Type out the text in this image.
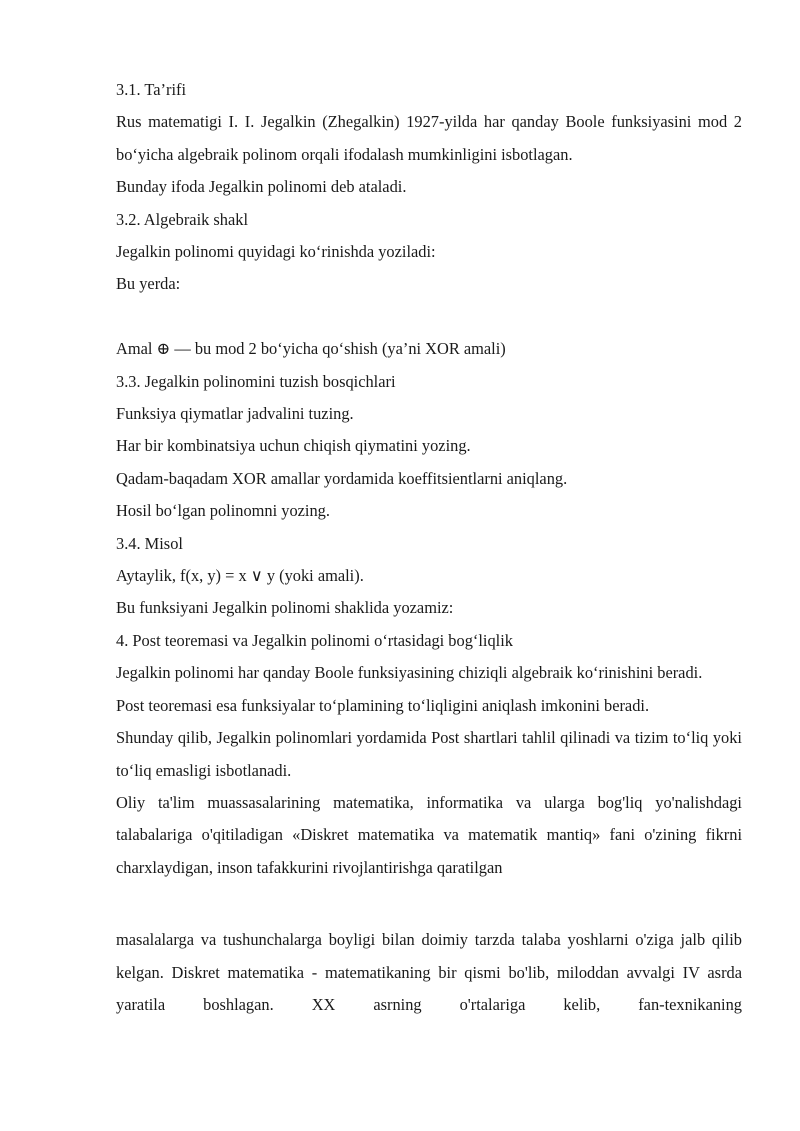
3.1. Ta’rifi

Rus matematigi I. I. Jegalkin (Zhegalkin) 1927-yilda har qanday Boole funksiyasini mod 2 bo‘yicha algebraik polinom orqali ifodalash mumkinligini isbotlagan.

Bunday ifoda Jegalkin polinomi deb ataladi.

3.2. Algebraik shakl

Jegalkin polinomi quyidagi ko‘rinishda yoziladi:

Bu yerda:

Amal ⊕ — bu mod 2 bo‘yicha qo‘shish (ya’ni XOR amali)

3.3. Jegalkin polinomini tuzish bosqichlari

Funksiya qiymatlar jadvalini tuzing.

Har bir kombinatsiya uchun chiqish qiymatini yozing.

Qadam-baqadam XOR amallar yordamida koeffitsientlarni aniqlang.

Hosil bo‘lgan polinomni yozing.

3.4. Misol

Aytaylik, f(x, y) = x ∨ y (yoki amali).

Bu funksiyani Jegalkin polinomi shaklida yozamiz:

4. Post teoremasi va Jegalkin polinomi o‘rtasidagi bog‘liqlik

Jegalkin polinomi har qanday Boole funksiyasining chiziqli algebraik ko‘rinishini beradi.

Post teoremasi esa funksiyalar to‘plamining to‘liqligini aniqlash imkonini beradi.

Shunday qilib, Jegalkin polinomlari yordamida Post shartlari tahlil qilinadi va tizim to‘liq yoki to‘liq emasligi isbotlanadi.

Oliy ta'lim muassasalarining matematika, informatika va ularga bog'liq yo'nalishdagi talabalariga o'qitiladigan «Diskret matematika va matematik mantiq» fani o'zining fikrni charxlaydigan, inson tafakkurini rivojlantirishga qaratilgan

masalalarga va tushunchalarga boyligi bilan doimiy tarzda talaba yoshlarni o'ziga jalb qilib kelgan. Diskret matematika - matematikaning bir qismi bo'lib, miloddan avvalgi IV asrda yaratila boshlagan. XX asrning o'rtalariga kelib, fan-texnikaning
